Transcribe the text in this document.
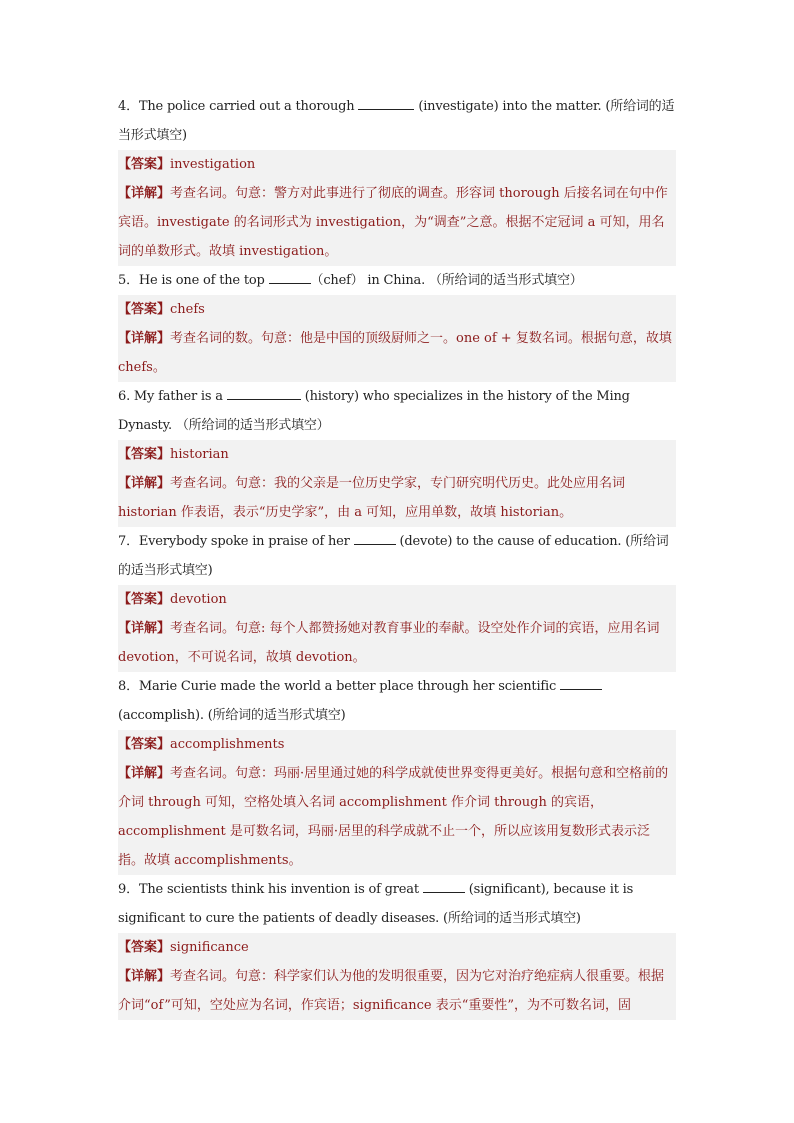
4．The police carried out a thorough	(investigate) into the matter. (所给词的适当形式填空)

【答案】investigation

【详解】考查名词。句意：警方对此事进行了彻底的调查。形容词 thorough 后接名词在句中作宾语。investigate 的名词形式为 investigation，为“调查”之意。根据不定冠词 a 可知，用名词的单数形式。故填 investigation。

5．He is one of the top	（chef） in China. （所给词的适当形式填空）

【答案】chefs

【详解】考查名词的数。句意：他是中国的顶级厨师之一。one of + 复数名词。根据句意，故填 chefs。

6. My father is a	(history) who specializes in the history of the Ming Dynasty. （所给词的适当形式填空）

【答案】historian

【详解】考查名词。句意：我的父亲是一位历史学家，专门研究明代历史。此处应用名词 historian 作表语，表示“历史学家”，由 a 可知，应用单数，故填 historian。

7．Everybody spoke in praise of her	(devote) to the cause of education. (所给词的适当形式填空)

【答案】devotion

【详解】考查名词。句意: 每个人都赞扬她对教育事业的奉献。设空处作介词的宾语，应用名词 devotion，不可说名词，故填 devotion。

8．Marie Curie made the world a better place through her scientific  (accomplish). (所给词的适当形式填空)

【答案】accomplishments

【详解】考查名词。句意：玛丽·居里通过她的科学成就使世界变得更美好。根据句意和空格前的介词 through 可知，空格处填入名词 accomplishment 作介词 through 的宾语，accomplishment 是可数名词，玛丽·居里的科学成就不止一个，所以应该用复数形式表示泛指。故填 accomplishments。

9．The scientists think his invention is of great	(significant), because it is significant to cure the patients of deadly diseases. (所给词的适当形式填空)

【答案】significance

【详解】考查名词。句意：科学家们认为他的发明很重要，因为它对治疗绝症病人很重要。根据介词“of”可知，空处应为名词，作宾语；significance 表示“重要性”，为不可数名词，固
